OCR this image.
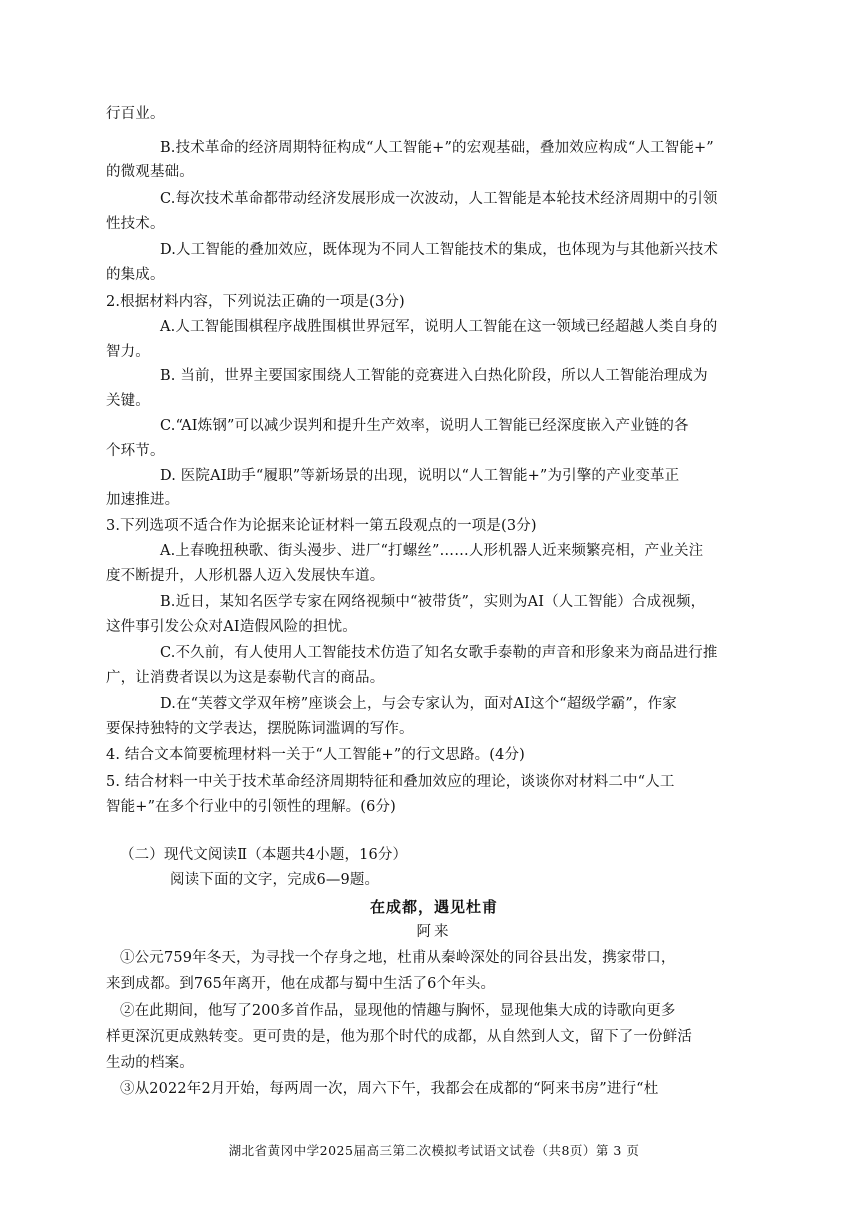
行百业。
B.技术革命的经济周期特征构成“人工智能+”的宏观基础，叠加效应构成“人工智能+”
的微观基础。
C.每次技术革命都带动经济发展形成一次波动，人工智能是本轮技术经济周期中的引领
性技术。
D.人工智能的叠加效应，既体现为不同人工智能技术的集成，也体现为与其他新兴技术
的集成。
2.根据材料内容，下列说法正确的一项是(3分)
A.人工智能围棋程序战胜围棋世界冠军，说明人工智能在这一领域已经超越人类自身的
智力。
B. 当前，世界主要国家围绕人工智能的竞赛进入白热化阶段，所以人工智能治理成为
关键。
C.“AI炼钢”可以减少误判和提升生产效率，说明人工智能已经深度嵌入产业链的各
个环节。
D. 医院AI助手“履职”等新场景的出现，说明以“人工智能+”为引擎的产业变革正
加速推进。
3.下列选项不适合作为论据来论证材料一第五段观点的一项是(3分)
A.上春晚扭秧歌、街头漫步、进厂“打螺丝”……人形机器人近来频繁亮相，产业关注
度不断提升，人形机器人迈入发展快车道。
B.近日，某知名医学专家在网络视频中“被带货”，实则为AI（人工智能）合成视频，
这件事引发公众对AI造假风险的担忧。
C.不久前，有人使用人工智能技术仿造了知名女歌手泰勒的声音和形象来为商品进行推
广，让消费者误以为这是泰勒代言的商品。
D.在“芙蓉文学双年榜”座谈会上，与会专家认为，面对AI这个“超级学霸”，作家
要保持独特的文学表达，摆脱陈词滥调的写作。
4. 结合文本简要梳理材料一关于“人工智能+”的行文思路。(4分)
5. 结合材料一中关于技术革命经济周期特征和叠加效应的理论，谈谈你对材料二中“人工
智能+”在多个行业中的引领性的理解。(6分)
（二）现代文阅读Ⅱ（本题共4小题，16分）
阅读下面的文字，完成6—9题。
在成都，遇见杜甫
阿来
①公元759年冬天，为寻找一个存身之地，杜甫从秦岭深处的同谷县出发，携家带口，
来到成都。到765年离开，他在成都与蜀中生活了6个年头。
②在此期间，他写了200多首作品，显现他的情趣与胸怀，显现他集大成的诗歌向更多
样更深沉更成熟转变。更可贵的是，他为那个时代的成都，从自然到人文，留下了一份鲜活
生动的档案。
③从2022年2月开始，每两周一次，周六下午，我都会在成都的“阿来书房”进行“杜
湖北省黄冈中学2025届高三第二次模拟考试语文试卷（共8页）第 3 页
